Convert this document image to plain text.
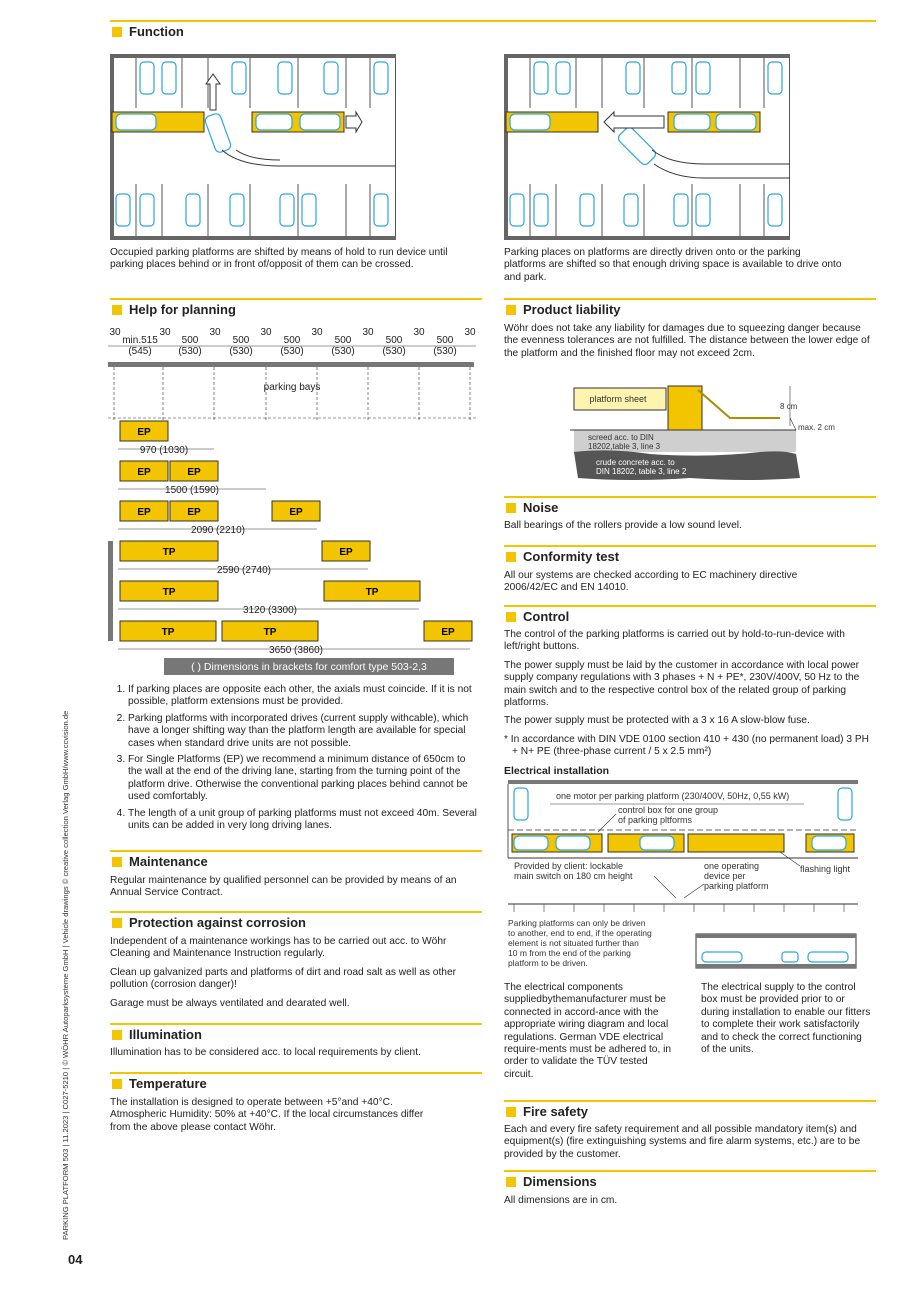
Function
Occupied parking platforms are shifted by means of hold to run device until parking places behind or in front of/opposit of them can be crossed.
Help for planning
30
min.515
(545)
30
500
(530)
30
500
(530)
30
500
(530)
30
500
(530)
30
500
(530)
30
500
(530)
30
parking bays
EP
970 (1030)
EP	EP
1500 (1590)
EP	EP	EP
2090 (2210)
TP	EP
2590 (2740)
TP	TP
3120 (3300)
TP	TP	EP
3650 (3860)
( ) Dimensions in brackets for comfort type 503-2,3
1. If parking places are opposite each other, the axials must coincide. If it is not possible, platform extensions must be provided.
2. Parking platforms with incorporated drives (current supply withcable), which have a longer shifting way than the platform length are available for special cases when standard drive units are not possible.
3. For Single Platforms (EP) we recommend a minimum distance of 650cm to the wall at the end of the driving lane, starting from the turning point of the platform drive. Otherwise the conventional parking places behind cannot be used comfortably.
4. The length of a unit group of parking platforms must not exceed 40m. Several units can be added in very long driving lanes.
Maintenance
Regular maintenance by qualified personnel can be provided by means of an Annual Service Contract.
Protection against corrosion

Independent of a maintenance workings has to be carried out acc. to Wöhr Cleaning and Maintenance Instruction regularly.

Clean up galvanized parts and platforms of dirt and road salt as well as other pollution (corrosion danger)!

Garage must be always ventilated and dearated well.

Illumination
Illumination has to be considered acc. to local requirements by client.
Temperature
The installation is designed to operate between +5°and +40°C. Atmospheric Humidity: 50% at +40°C. If the local circumstances differ from the above please contact Wöhr.
Parking places on platforms are directly driven onto or the parking platforms are shifted so that enough driving space is available to drive onto and park.
Product liability
Wöhr does not take any liability for damages due to squeezing danger because the evenness tolerances are not fulfilled. The distance between the lower edge of the platform and the finished floor may not exceed 2cm.
platform sheet
8 cm
max. 2 cm
screed acc. to DIN
18202,table 3, line 3
crude concrete acc. to
DIN 18202, table 3, line 2
Noise
Ball bearings of the rollers provide a low sound level.
Conformity test
All our systems are checked according to EC machinery directive 2006/42/EC and EN 14010.
Control

The control of the parking platforms is carried out by hold-to-run-device with left/right buttons.

The power supply must be laid by the customer in accordance with local power supply company regulations with 3 phases + N + PE*, 230V/400V, 50 Hz to the main switch and to the respective control box of the related group of parking platforms.

The power supply must be protected with a 3 x 16 A slow-blow fuse.

* In accordance with DIN VDE 0100 section 410 + 430 (no permanent load) 3 PH + N+ PE (three-phase current / 5 x 2.5 mm²)

Electrical installation
one motor per parking platform (230/400V, 50Hz, 0,55 kW)
control box for one group
of parking pltforms
Provided by client: lockable
main switch on 180 cm height
one operating
device per
parking platform
flashing light
Parking platforms can only be driven
to another, end to end, if the operating
element is not situated further than
10 m from the end of the parking
platform to be driven.
The electrical components suppliedbythemanufacturer must be connected in accord-ance with the appropriate wiring diagram and local regulations. German VDE electrical require-ments must be adhered to, in order to validate the TÜV tested circuit.
The electrical supply to the control box must be provided prior to or during installation to enable our fitters to complete their work satisfactorily and to check the correct functioning of the units.
Fire safety
Each and every fire safety requirement and all possible mandatory item(s) and equipment(s) (fire extinguishing systems and fire alarm systems, etc.) are to be provided by the customer.
Dimensions
All dimensions are in cm.
PARKING PLATFORM 503 | 11.2023 | C027-5210 | © WÖHR Autoparksysteme GmbH | Vehicle drawings © creative collection Verlag GmbH/www.ccvision.de
04
